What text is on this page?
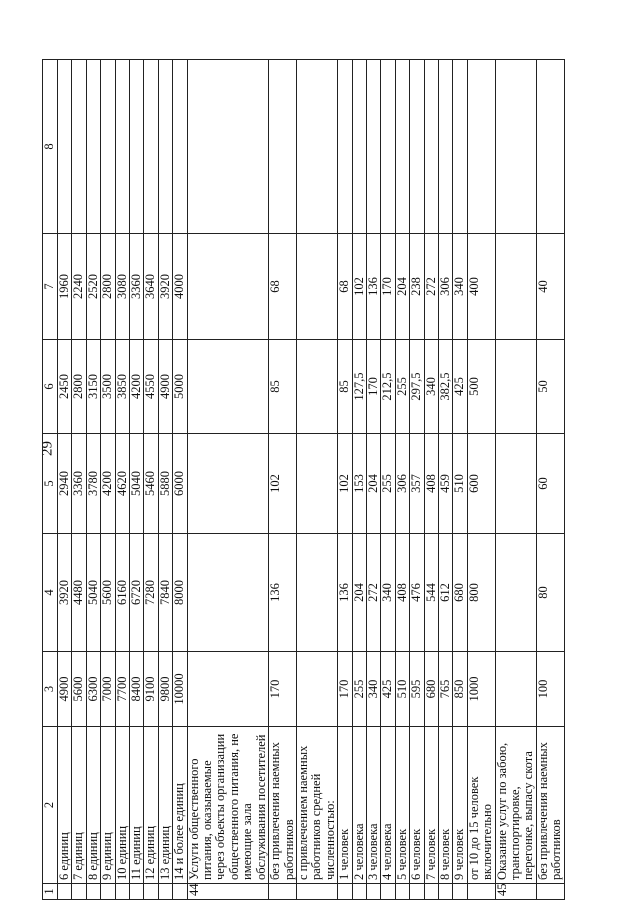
29
1	2	3	4	5	6	7	8
	6 единиц	4900	3920	2940	2450	1960	
	7 единиц	5600	4480	3360	2800	2240	
	8 единиц	6300	5040	3780	3150	2520	
	9 единиц	7000	5600	4200	3500	2800	
	10 единиц	7700	6160	4620	3850	3080	
	11 единиц	8400	6720	5040	4200	3360	
	12 единиц	9100	7280	5460	4550	3640	
	13 единиц	9800	7840	5880	4900	3920	
	14 и более единиц	10000	8000	6000	5000	4000	
44	Услуги общественного питания, оказываемые через объекты организации общественного питания, не имеющие зала обслуживания посетителей						
	без привлечения наемных работников	170	136	102	85	68	
	с привлечением наемных работников средней численностью:						
	1 человек	170	136	102	85	68	
	2 человека	255	204	153	127,5	102	
	3 человека	340	272	204	170	136	
	4 человека	425	340	255	212,5	170	
	5 человек	510	408	306	255	204	
	6 человек	595	476	357	297,5	238	
	7 человек	680	544	408	340	272	
	8 человек	765	612	459	382,5	306	
	9 человек	850	680	510	425	340	
	от 10 до 15 человек включительно	1000	800	600	500	400	
45	Оказание услуг по забою, транспортировке, перегонке, выпасу скота						
	без привлечения наемных работников	100	80	60	50	40	
